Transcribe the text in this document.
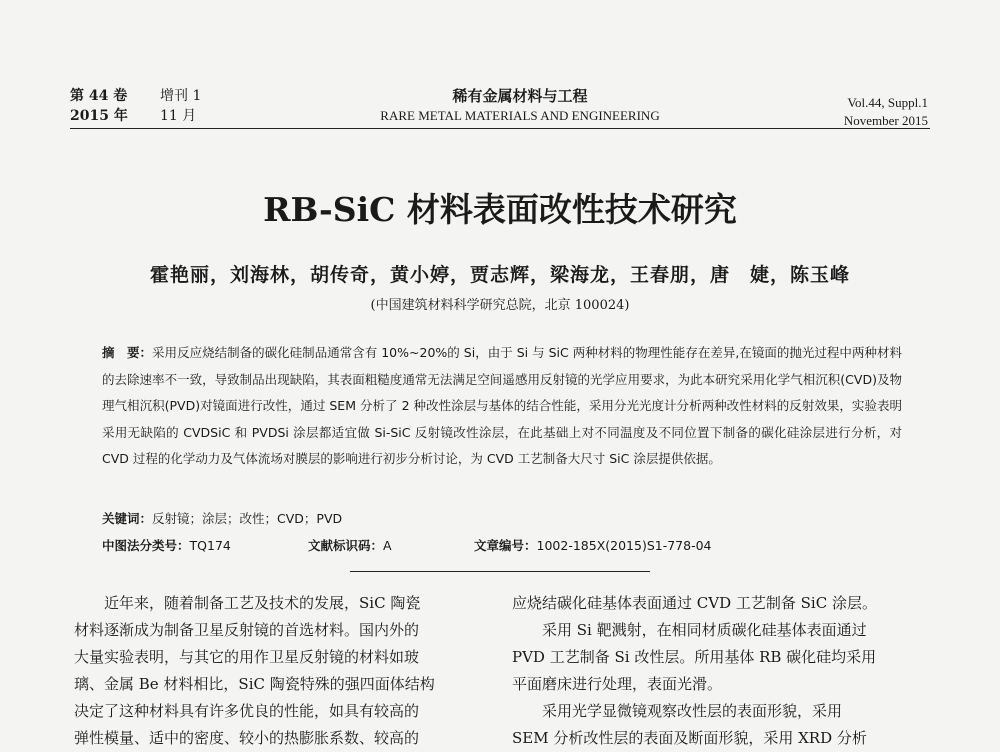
第 44 卷 增刊 1
2015 年 11 月
稀有金属材料与工程
RARE METAL MATERIALS AND ENGINEERING
Vol.44, Suppl.1
November 2015
RB-SiC 材料表面改性技术研究
霍艳丽，刘海林，胡传奇，黄小婷，贾志辉，梁海龙，王春朋，唐　婕，陈玉峰
(中国建筑材料科学研究总院，北京 100024)

摘　要：采用反应烧结制备的碳化硅制品通常含有 10%~20%的 Si，由于 Si 与 SiC 两种材料的物理性能存在差异,在镜面的抛光过程中两种材料的去除速率不一致，导致制品出现缺陷，其表面粗糙度通常无法满足空间遥感用反射镜的光学应用要求，为此本研究采用化学气相沉积(CVD)及物理气相沉积(PVD)对镜面进行改性，通过 SEM 分析了 2 种改性涂层与基体的结合性能，采用分光光度计分析两种改性材料的反射效果，实验表明采用无缺陷的 CVDSiC 和 PVDSi 涂层都适宜做 Si-SiC 反射镜改性涂层，在此基础上对不同温度及不同位置下制备的碳化硅涂层进行分析，对 CVD 过程的化学动力及气体流场对膜层的影响进行初步分析讨论，为 CVD 工艺制备大尺寸 SiC 涂层提供依据。

关键词：反射镜；涂层；改性；CVD；PVD
中图法分类号：TQ174	文献标识码：A	文章编号：1002-185X(2015)S1-778-04
　　近年来，随着制备工艺及技术的发展，SiC 陶瓷
材料逐渐成为制备卫星反射镜的首选材料。国内外的
大量实验表明，与其它的用作卫星反射镜的材料如玻
璃、金属 Be 材料相比，SiC 陶瓷特殊的强四面体结构
决定了这种材料具有许多优良的性能，如具有较高的
弹性模量、适中的密度、较小的热膨胀系数、较高的
应烧结碳化硅基体表面通过 CVD 工艺制备 SiC 涂层。
　　采用 Si 靶溅射，在相同材质碳化硅基体表面通过
PVD 工艺制备 Si 改性层。所用基体 RB 碳化硅均采用
平面磨床进行处理，表面光滑。
　　采用光学显微镜观察改性层的表面形貌，采用
SEM 分析改性层的表面及断面形貌，采用 XRD 分析
